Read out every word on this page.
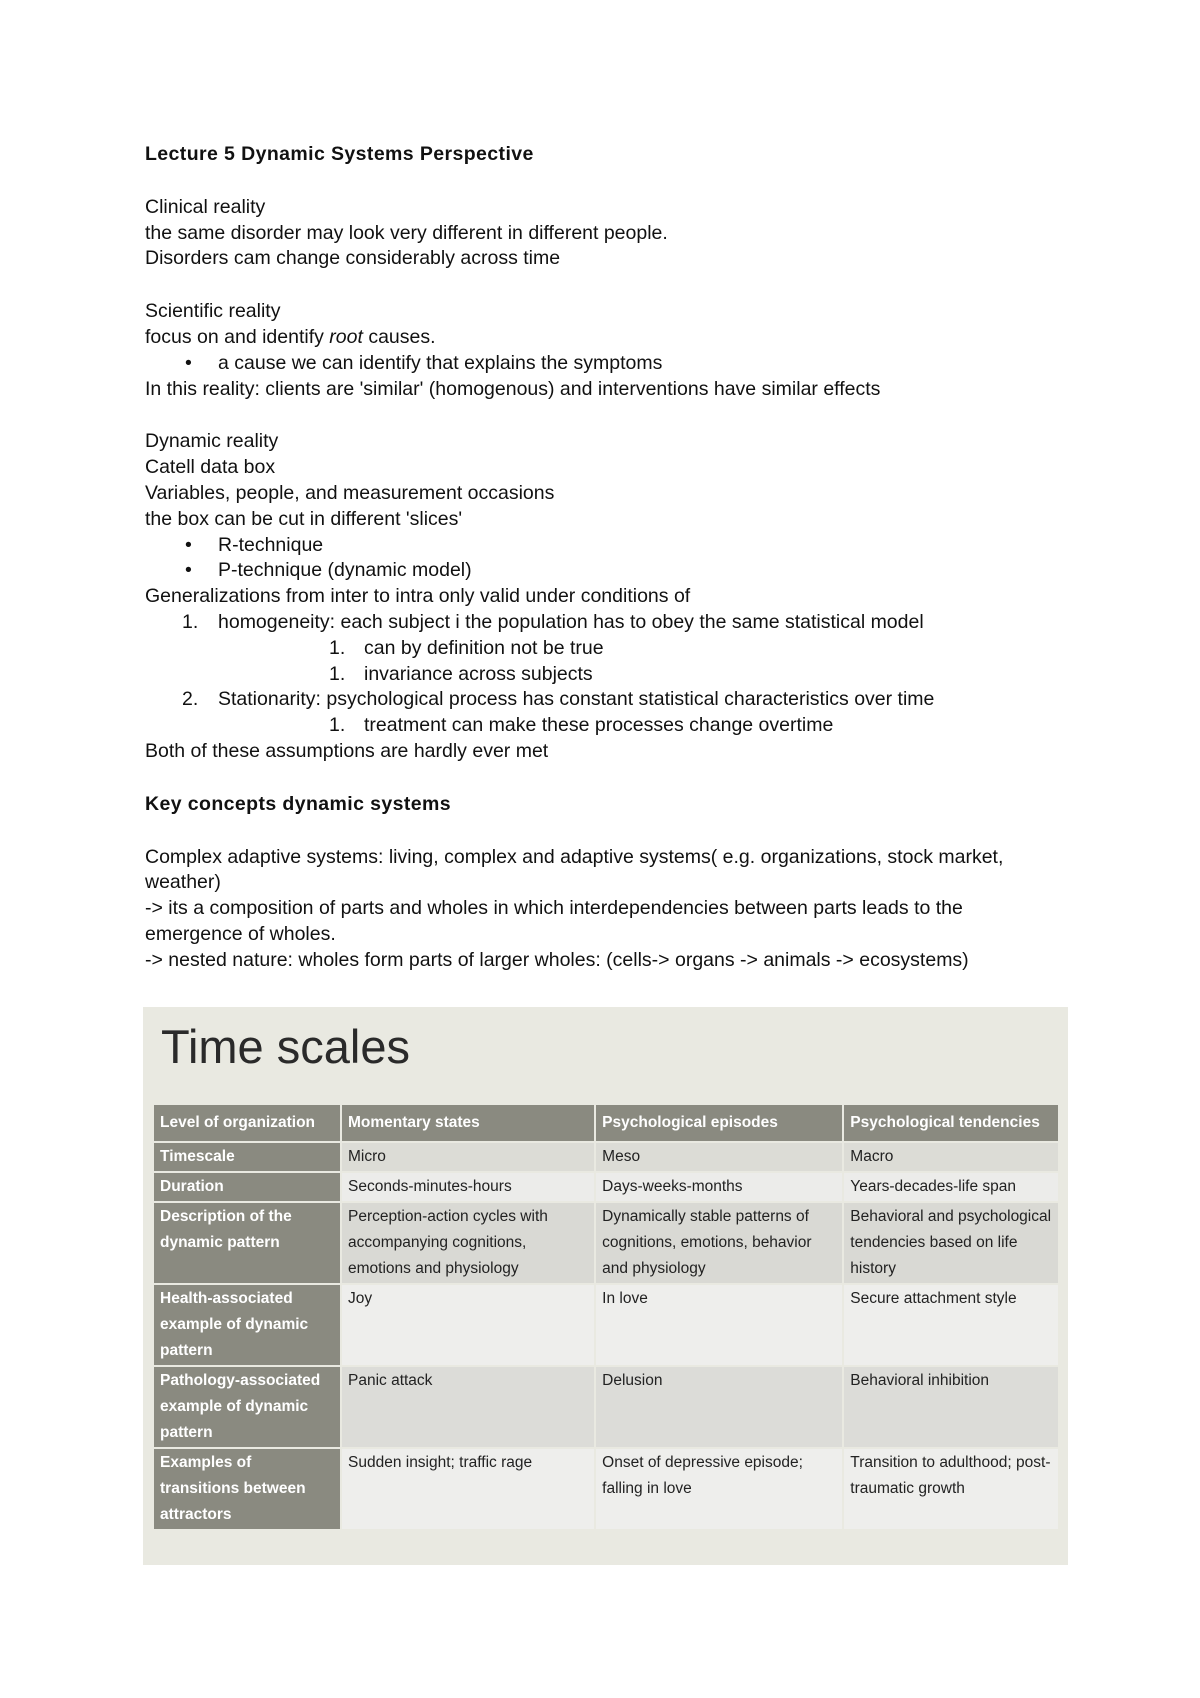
Lecture 5 Dynamic Systems Perspective

Clinical reality

the same disorder may look very different in different people.

Disorders cam change considerably across time

Scientific reality

focus on and identify root causes.

• a cause we can identify that explains the symptoms

In this reality: clients are 'similar' (homogenous) and interventions have similar effects

Dynamic reality

Catell data box

Variables, people, and measurement occasions

the box can be cut in different 'slices'

• R-technique
• P-technique (dynamic model)

Generalizations from inter to intra only valid under conditions of

1. homogeneity: each subject i the population has to obey the same statistical model
1. can by definition not be true
1. invariance across subjects
2. Stationarity: psychological process has constant statistical characteristics over time
1. treatment can make these processes change overtime

Both of these assumptions are hardly ever met

Key concepts dynamic systems

Complex adaptive systems: living, complex and adaptive systems( e.g. organizations, stock market, weather)

-> its a composition of parts and wholes in which interdependencies between parts leads to the emergence of wholes.

-> nested nature: wholes form parts of larger wholes: (cells-> organs -> animals -> ecosystems)

Time scales
Level of organization	Momentary states	Psychological episodes	Psychological tendencies
Timescale	Micro	Meso	Macro
Duration	Seconds-minutes-hours	Days-weeks-months	Years-decades-life span
Description of the dynamic pattern	Perception-action cycles with accompanying cognitions, emotions and physiology	Dynamically stable patterns of cognitions, emotions, behavior and physiology	Behavioral and psychological tendencies based on life history
Health-associated example of dynamic pattern	Joy	In love	Secure attachment style
Pathology-associated example of dynamic pattern	Panic attack	Delusion	Behavioral inhibition
Examples of transitions between attractors	Sudden insight; traffic rage	Onset of depressive episode; falling in love	Transition to adulthood; post-traumatic growth
